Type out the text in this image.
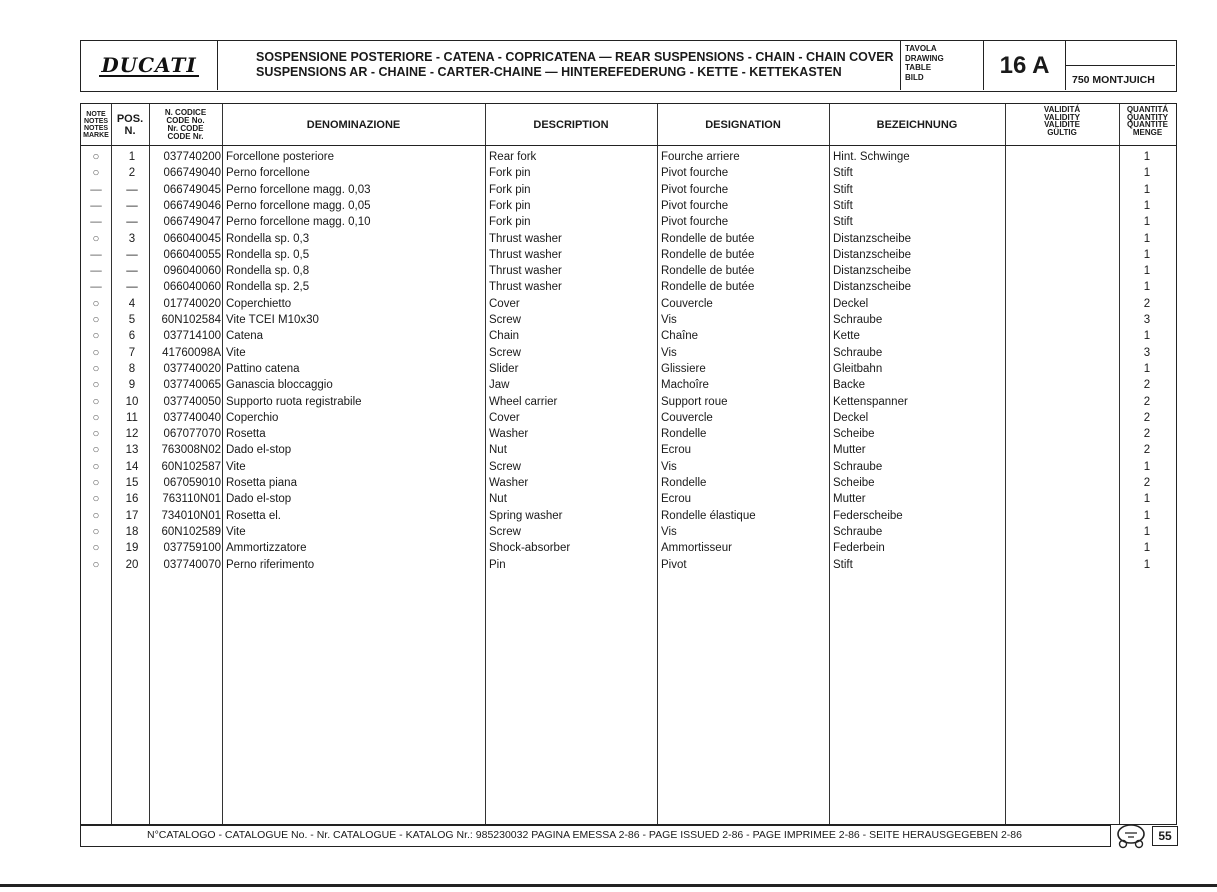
DUCATI	SOSPENSIONE POSTERIORE - CATENA - COPRICATENA — REAR SUSPENSIONS - CHAIN - CHAIN COVER
SUSPENSIONS AR - CHAINE - CARTER-CHAINE — HINTEREFEDERUNG - KETTE - KETTEKASTEN
TAVOLA
DRAWING
TABLE
BILD	16 A
750 MONTJUICH
NOTE
NOTES
NOTES
MARKE
POS.
N.
N. CODICE
CODE No.
Nr. CODE
CODE Nr.
DENOMINAZIONE	DESCRIPTION	DESIGNATION	BEZEICHNUNG
VALIDITÁ
VALIDITY
VALIDITE
GÜLTIG
QUANTITÁ
QUANTITY
QUANTITE
MENGE
○	1	037740200 Forcellone posteriore	Rear fork	Fourche arriere	Hint. Schwinge	1
○	2	066749040 Perno forcellone	Fork pin	Pivot fourche	Stift	1
—	—	066749045 Perno forcellone magg. 0,03	Fork pin	Pivot fourche	Stift	1
—	—	066749046 Perno forcellone magg. 0,05	Fork pin	Pivot fourche	Stift	1
—	—	066749047 Perno forcellone magg. 0,10	Fork pin	Pivot fourche	Stift	1
○	3	066040045 Rondella sp. 0,3	Thrust washer	Rondelle de butée	Distanzscheibe	1
—	—	066040055 Rondella sp. 0,5	Thrust washer	Rondelle de butée	Distanzscheibe	1
—	—	096040060 Rondella sp. 0,8	Thrust washer	Rondelle de butée	Distanzscheibe	1
—	—	066040060 Rondella sp. 2,5	Thrust washer	Rondelle de butée	Distanzscheibe	1
○	4	017740020 Coperchietto	Cover	Couvercle	Deckel	2
○	5	60N102584 Vite TCEI M10x30	Screw	Vis	Schraube	3
○	6	037714100 Catena	Chain	Chaîne	Kette	1
○	7	41760098A Vite	Screw	Vis	Schraube	3
○	8	037740020 Pattino catena	Slider	Glissiere	Gleitbahn	1
○	9	037740065 Ganascia bloccaggio	Jaw	Machoîre	Backe	2
○	10	037740050 Supporto ruota registrabile	Wheel carrier	Support roue	Kettenspanner	2
○	11	037740040 Coperchio	Cover	Couvercle	Deckel	2
○	12	067077070 Rosetta	Washer	Rondelle	Scheibe	2
○	13	763008N02 Dado el-stop	Nut	Ecrou	Mutter	2
○	14	60N102587 Vite	Screw	Vis	Schraube	1
○	15	067059010 Rosetta piana	Washer	Rondelle	Scheibe	2
○	16	763110N01 Dado el-stop	Nut	Ecrou	Mutter	1
○	17	734010N01 Rosetta el.	Spring washer	Rondelle élastique	Federscheibe	1
○	18	60N102589 Vite	Screw	Vis	Schraube	1
○	19	037759100 Ammortizzatore	Shock-absorber	Ammortisseur	Federbein	1
○	20	037740070 Perno riferimento	Pin	Pivot	Stift	1
N°CATALOGO - CATALOGUE No. - Nr. CATALOGUE - KATALOG Nr.: 985230032 PAGINA EMESSA 2-86 - PAGE ISSUED 2-86 - PAGE IMPRIMEE 2-86 - SEITE HERAUSGEGEBEN 2-86	55
